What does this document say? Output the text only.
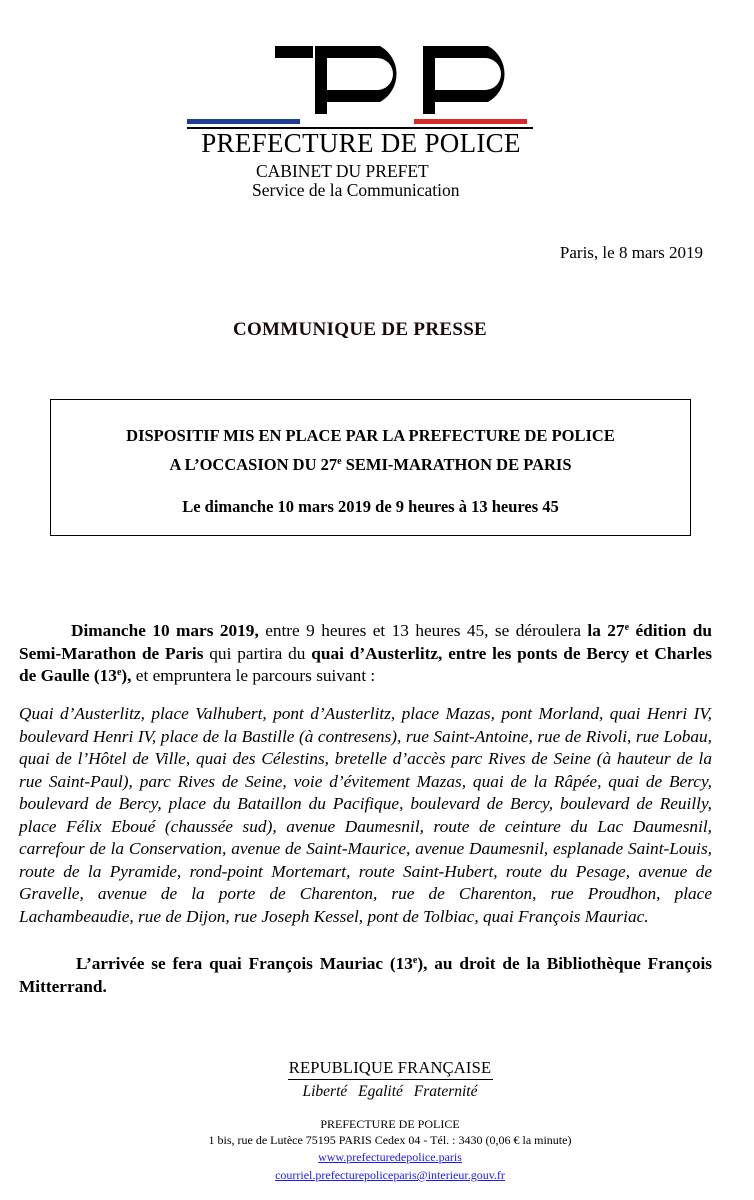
PREFECTURE DE POLICE
CABINET DU PREFET
Service de la Communication
Paris, le 8 mars 2019
COMMUNIQUE DE PRESSE
DISPOSITIF MIS EN PLACE PAR LA PREFECTURE DE POLICE
A L’OCCASION DU 27e SEMI-MARATHON DE PARIS
Le dimanche 10 mars 2019 de 9 heures à 13 heures 45
Dimanche 10 mars 2019, entre 9 heures et 13 heures 45, se déroulera la 27e édition du Semi-Marathon de Paris qui partira du quai d’Austerlitz, entre les ponts de Bercy et Charles de Gaulle (13e), et empruntera le parcours suivant :
Quai d’Austerlitz, place Valhubert, pont d’Austerlitz, place Mazas, pont Morland, quai Henri IV, boulevard Henri IV, place de la Bastille (à contresens), rue Saint-Antoine, rue de Rivoli, rue Lobau, quai de l’Hôtel de Ville, quai des Célestins, bretelle d’accès parc Rives de Seine (à hauteur de la rue Saint-Paul), parc Rives de Seine, voie d’évitement Mazas, quai de la Râpée, quai de Bercy, boulevard de Bercy, place du Bataillon du Pacifique, boulevard de Bercy, boulevard de Reuilly, place Félix Eboué (chaussée sud), avenue Daumesnil, route de ceinture du Lac Daumesnil, carrefour de la Conservation, avenue de Saint-Maurice, avenue Daumesnil, esplanade Saint-Louis, route de la Pyramide, rond-point Mortemart, route Saint-Hubert, route du Pesage, avenue de Gravelle, avenue de la porte de Charenton, rue de Charenton, rue Proudhon, place Lachambeaudie, rue de Dijon, rue Joseph Kessel, pont de Tolbiac, quai François Mauriac.
L’arrivée se fera quai François Mauriac (13e), au droit de la Bibliothèque François Mitterrand.
REPUBLIQUE FRANÇAISE
Liberté Egalité Fraternité
PREFECTURE DE POLICE
1 bis, rue de Lutèce 75195 PARIS Cedex 04 - Tél. : 3430 (0,06 € la minute)
www.prefecturedepolice.paris
courriel.prefecturepoliceparis@interieur.gouv.fr
